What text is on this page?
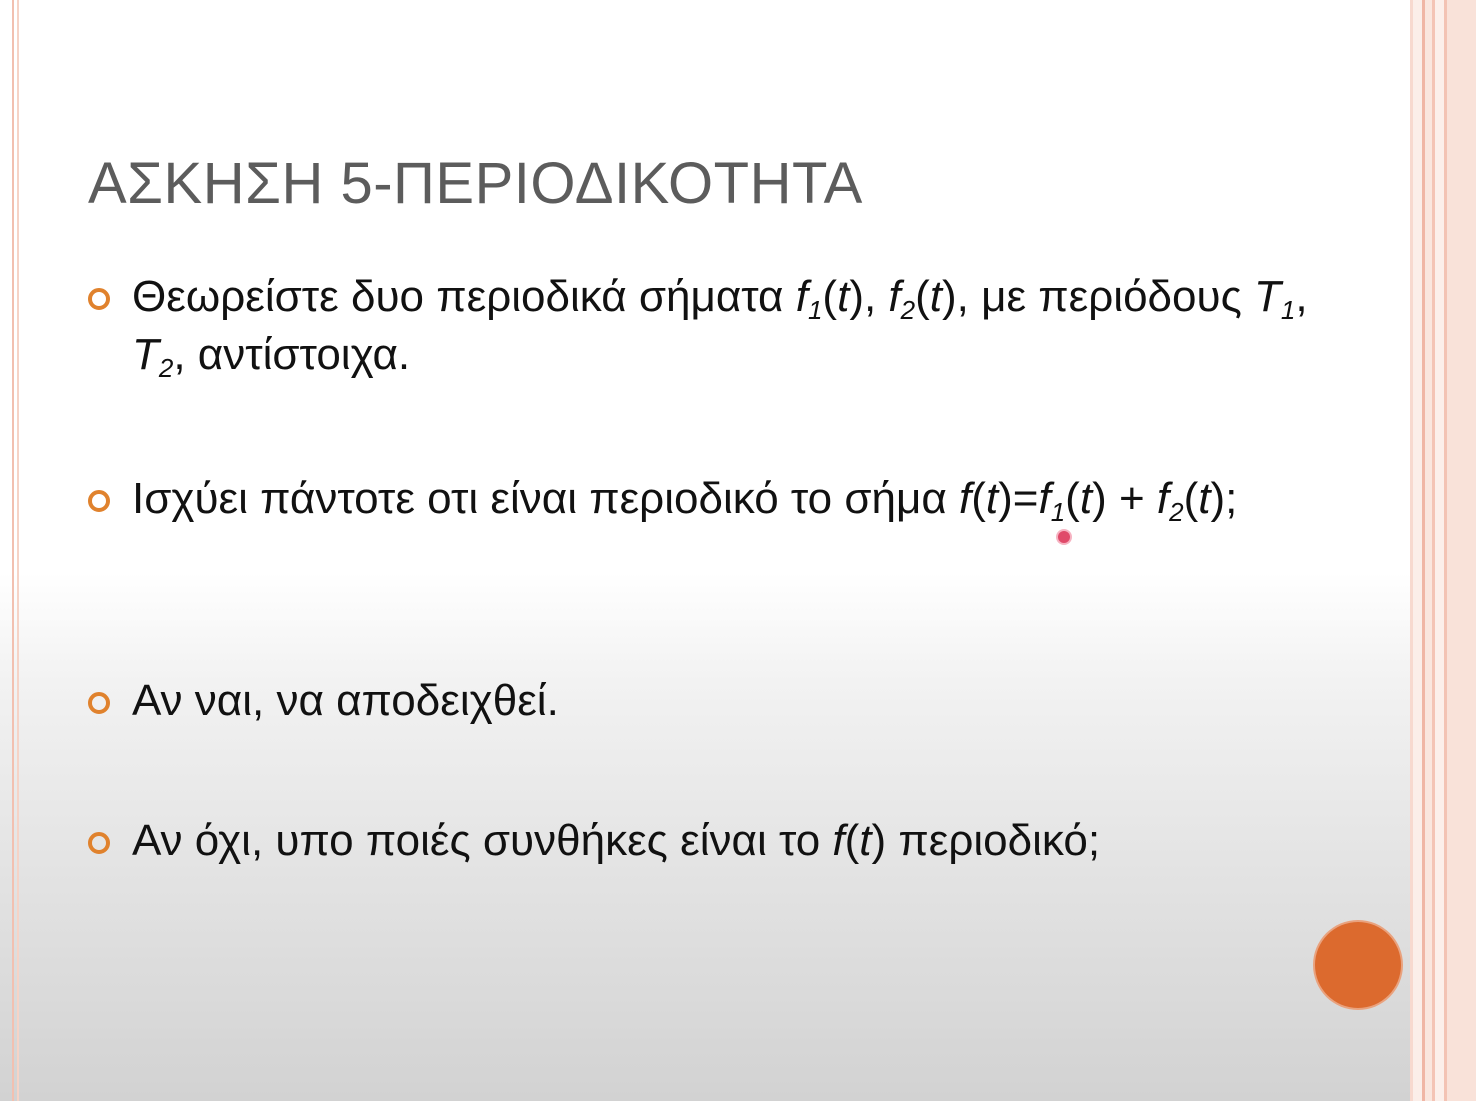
ΑΣΚΗΣΗ 5-ΠΕΡΙΟΔΙΚΟΤΗΤΑ
Θεωρείστε δυο περιοδικά σήματα $f_1(t)$, $f_2(t)$, με περιόδους $T_1$, $T_2$, αντίστοιχα.
Ισχύει πάντοτε οτι είναι περιοδικό το σήμα $f(t)=f_1(t) + f_2(t)$;
Αν ναι, να αποδειχθεί.
Αν όχι, υπο ποιές συνθήκες είναι το f(t) περιοδικό;
